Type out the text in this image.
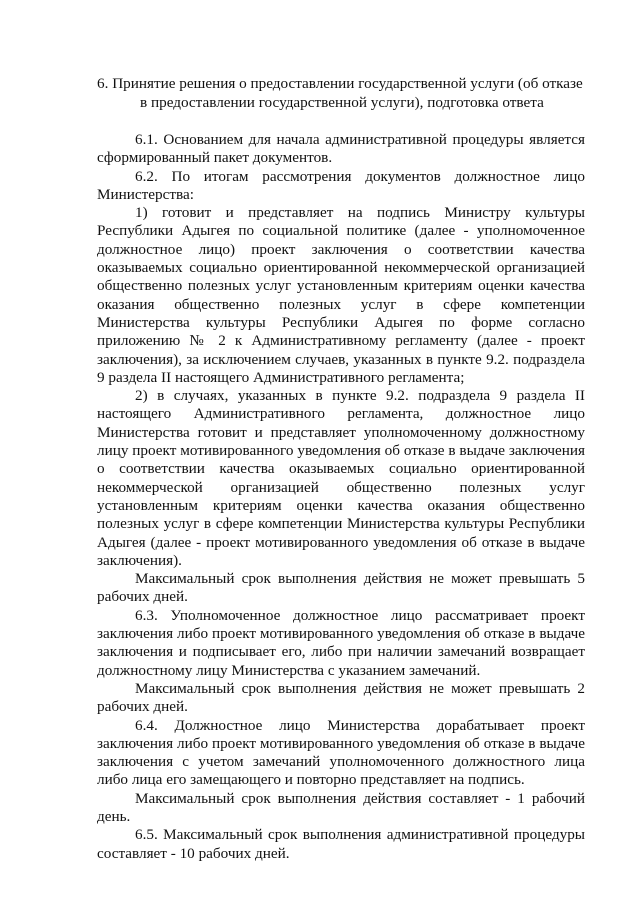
6. Принятие решения о предоставлении государственной услуги (об отказе
в предоставлении государственной услуги), подготовка ответа

6.1. Основанием для начала административной процедуры является сформированный пакет документов.

6.2. По итогам рассмотрения документов должностное лицо Министерства:

1) готовит и представляет на подпись Министру культуры Республики Адыгея по социальной политике (далее - уполномоченное должностное лицо) проект заключения о соответствии качества оказываемых социально ориентированной некоммерческой организацией общественно полезных услуг установленным критериям оценки качества оказания общественно полезных услуг в сфере компетенции Министерства культуры Республики Адыгея по форме согласно приложению № 2 к Административному регламенту (далее - проект заключения), за исключением случаев, указанных в пункте 9.2. подраздела 9 раздела II настоящего Административного регламента;

2) в случаях, указанных в пункте 9.2. подраздела 9 раздела II настоящего Административного регламента, должностное лицо Министерства готовит и представляет уполномоченному должностному лицу проект мотивированного уведомления об отказе в выдаче заключения о соответствии качества оказываемых социально ориентированной некоммерческой организацией общественно полезных услуг установленным критериям оценки качества оказания общественно полезных услуг в сфере компетенции Министерства культуры Республики Адыгея (далее - проект мотивированного уведомления об отказе в выдаче заключения).

Максимальный срок выполнения действия не может превышать 5 рабочих дней.

6.3. Уполномоченное должностное лицо рассматривает проект заключения либо проект мотивированного уведомления об отказе в выдаче заключения и подписывает его, либо при наличии замечаний возвращает должностному лицу Министерства с указанием замечаний.

Максимальный срок выполнения действия не может превышать 2 рабочих дней.

6.4. Должностное лицо Министерства дорабатывает проект заключения либо проект мотивированного уведомления об отказе в выдаче заключения с учетом замечаний уполномоченного должностного лица либо лица его замещающего и повторно представляет на подпись.

Максимальный срок выполнения действия составляет - 1 рабочий день.

6.5. Максимальный срок выполнения административной процедуры составляет - 10 рабочих дней.
